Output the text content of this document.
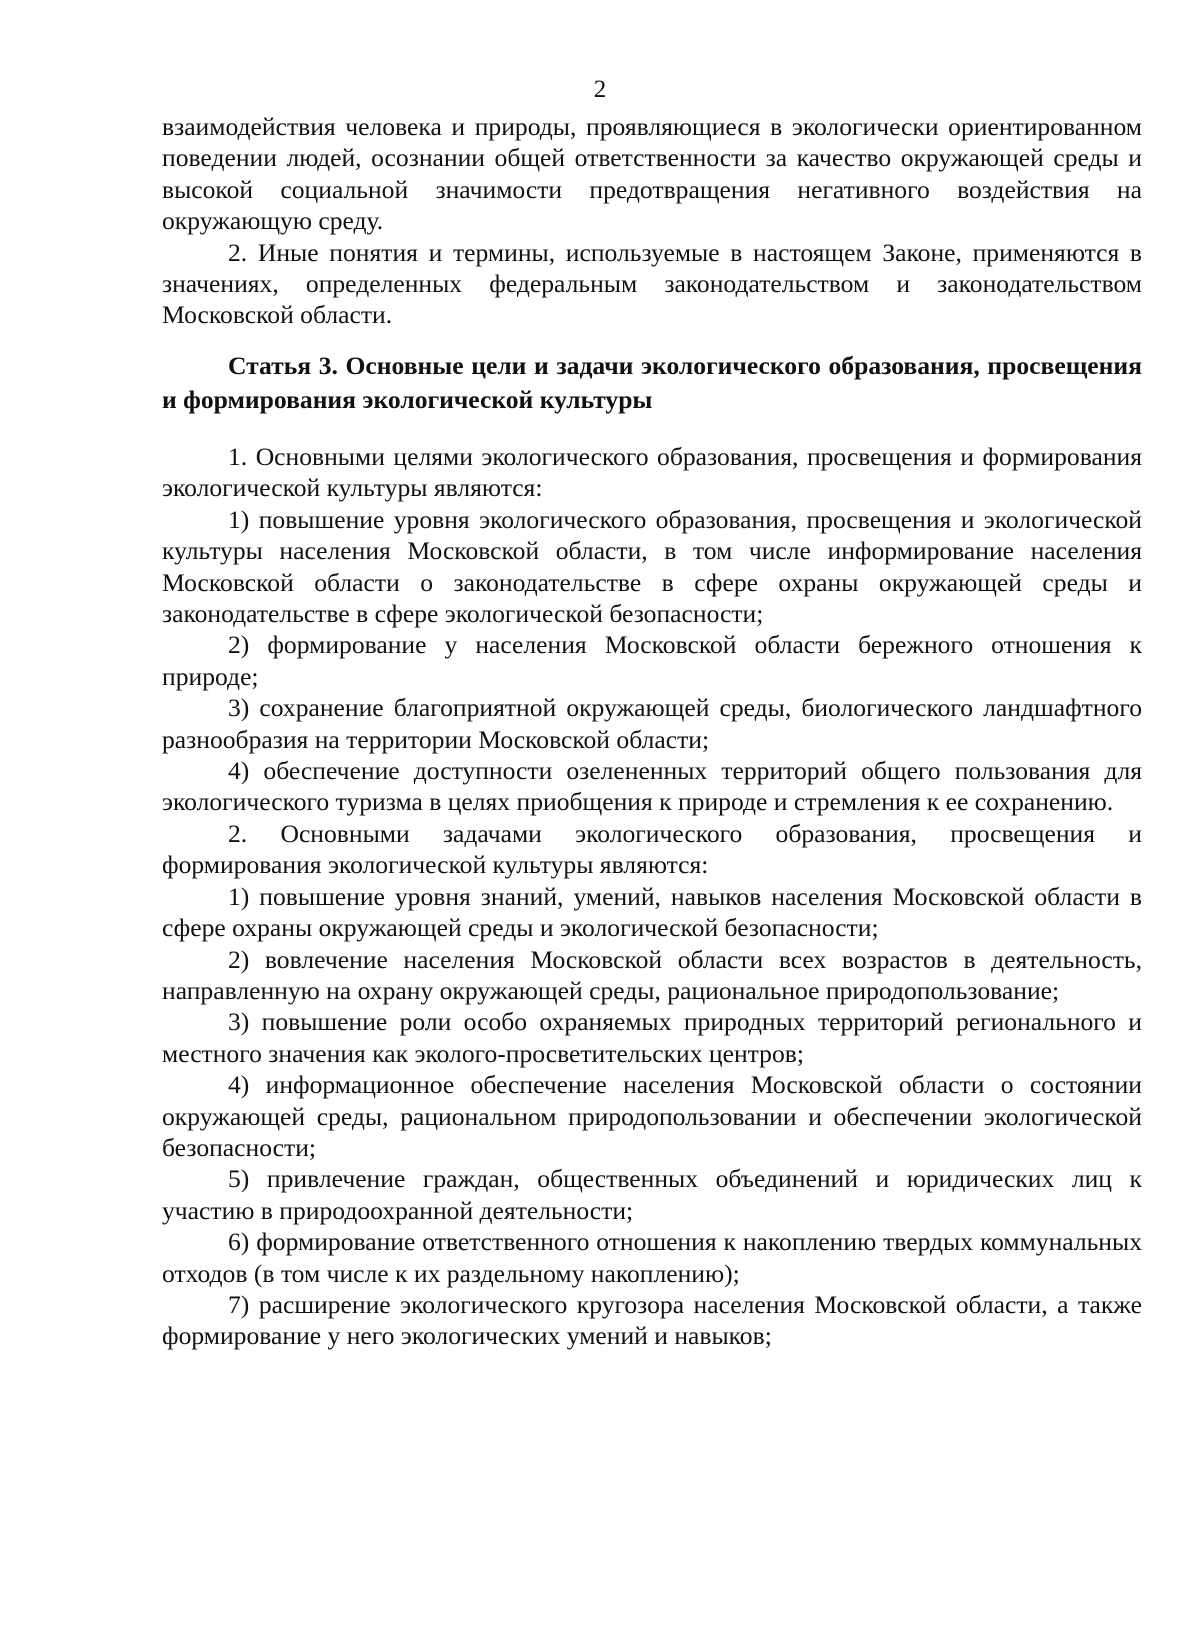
2

взаимодействия человека и природы, проявляющиеся в экологически ориентированном поведении людей, осознании общей ответственности за качество окружающей среды и высокой социальной значимости предотвращения негативного воздействия на окружающую среду.

2. Иные понятия и термины, используемые в настоящем Законе, применяются в значениях, определенных федеральным законодательством и законодательством Московской области.

Статья 3. Основные цели и задачи экологического образования, просвещения и формирования экологической культуры

1. Основными целями экологического образования, просвещения и формирования экологической культуры являются:

1) повышение уровня экологического образования, просвещения и экологической культуры населения Московской области, в том числе информирование населения Московской области о законодательстве в сфере охраны окружающей среды и законодательстве в сфере экологической безопасности;

2) формирование у населения Московской области бережного отношения к природе;

3) сохранение благоприятной окружающей среды, биологического ландшафтного разнообразия на территории Московской области;

4) обеспечение доступности озелененных территорий общего пользования для экологического туризма в целях приобщения к природе и стремления к ее сохранению.

2. Основными задачами экологического образования, просвещения и формирования экологической культуры являются:

1) повышение уровня знаний, умений, навыков населения Московской области в сфере охраны окружающей среды и экологической безопасности;

2) вовлечение населения Московской области всех возрастов в деятельность, направленную на охрану окружающей среды, рациональное природопользование;

3) повышение роли особо охраняемых природных территорий регионального и местного значения как эколого-просветительских центров;

4) информационное обеспечение населения Московской области о состоянии окружающей среды, рациональном природопользовании и обеспечении экологической безопасности;

5) привлечение граждан, общественных объединений и юридических лиц к участию в природоохранной деятельности;

6) формирование ответственного отношения к накоплению твердых коммунальных отходов (в том числе к их раздельному накоплению);

7) расширение экологического кругозора населения Московской области, а также формирование у него экологических умений и навыков;
